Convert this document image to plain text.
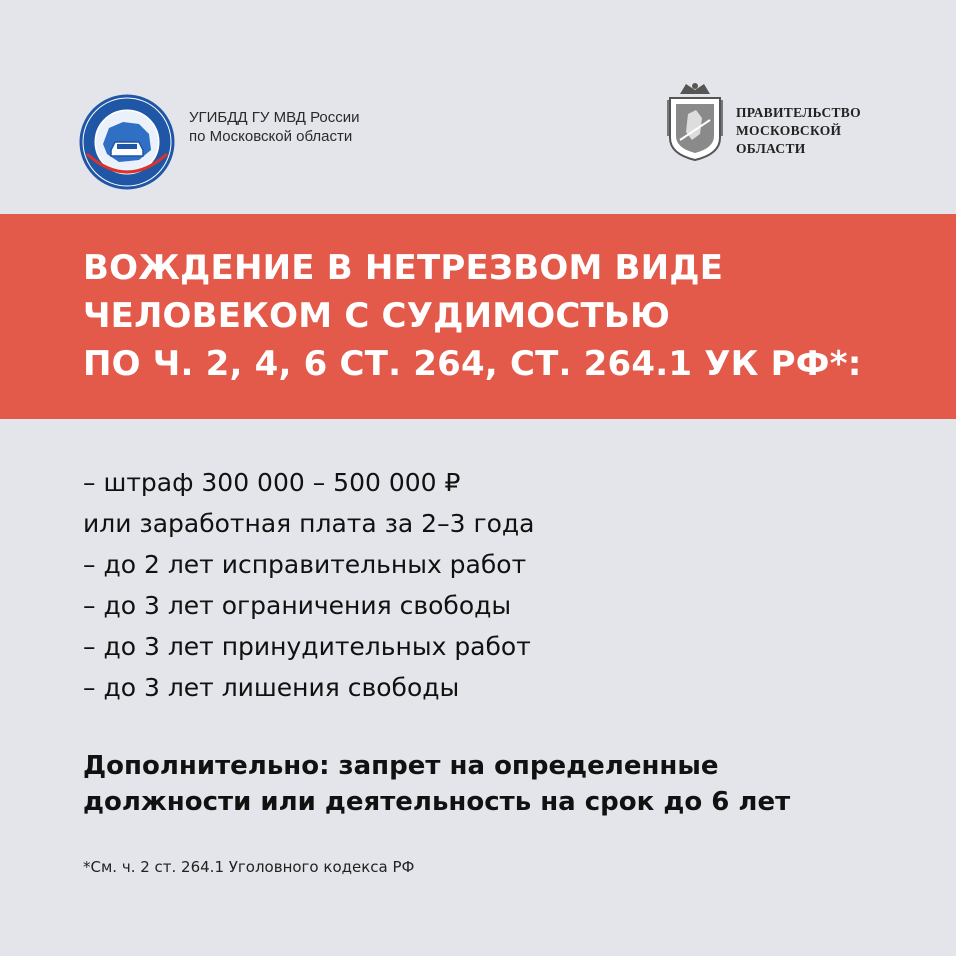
УГИБДД ГУ МВД России
по Московской области
ПРАВИТЕЛЬСТВО
МОСКОВСКОЙ
ОБЛАСТИ
ВОЖДЕНИЕ В НЕТРЕЗВОМ ВИДЕ
ЧЕЛОВЕКОМ С СУДИМОСТЬЮ
ПО Ч. 2, 4, 6 СТ. 264, СТ. 264.1 УК РФ*:
– штраф 300 000 – 500 000 ₽
или заработная плата за 2–3 года
– до 2 лет исправительных работ
– до 3 лет ограничения свободы
– до 3 лет принудительных работ
– до 3 лет лишения свободы
Дополнительно: запрет на определенные
должности или деятельность на срок до 6 лет
*См. ч. 2 ст. 264.1 Уголовного кодекса РФ
